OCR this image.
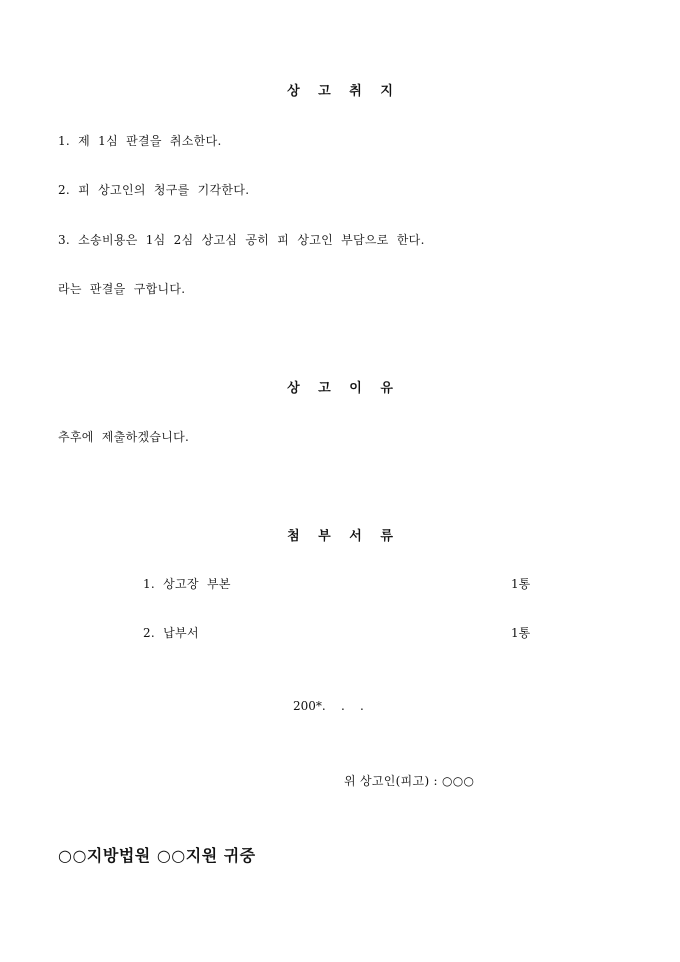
상 고 취 지
1. 제 1심 판결을 취소한다.
2. 피 상고인의 청구를 기각한다.
3. 소송비용은 1심 2심 상고심 공히 피 상고인 부담으로 한다.
라는 판결을 구합니다.
상 고 이 유
추후에 제출하겠습니다.
첨 부 서 류
1. 상고장 부본	1통
2. 납부서	1통
200*.    .    .
위 상고인(피고) : ○○○
○○지방법원 ○○지원 귀중
